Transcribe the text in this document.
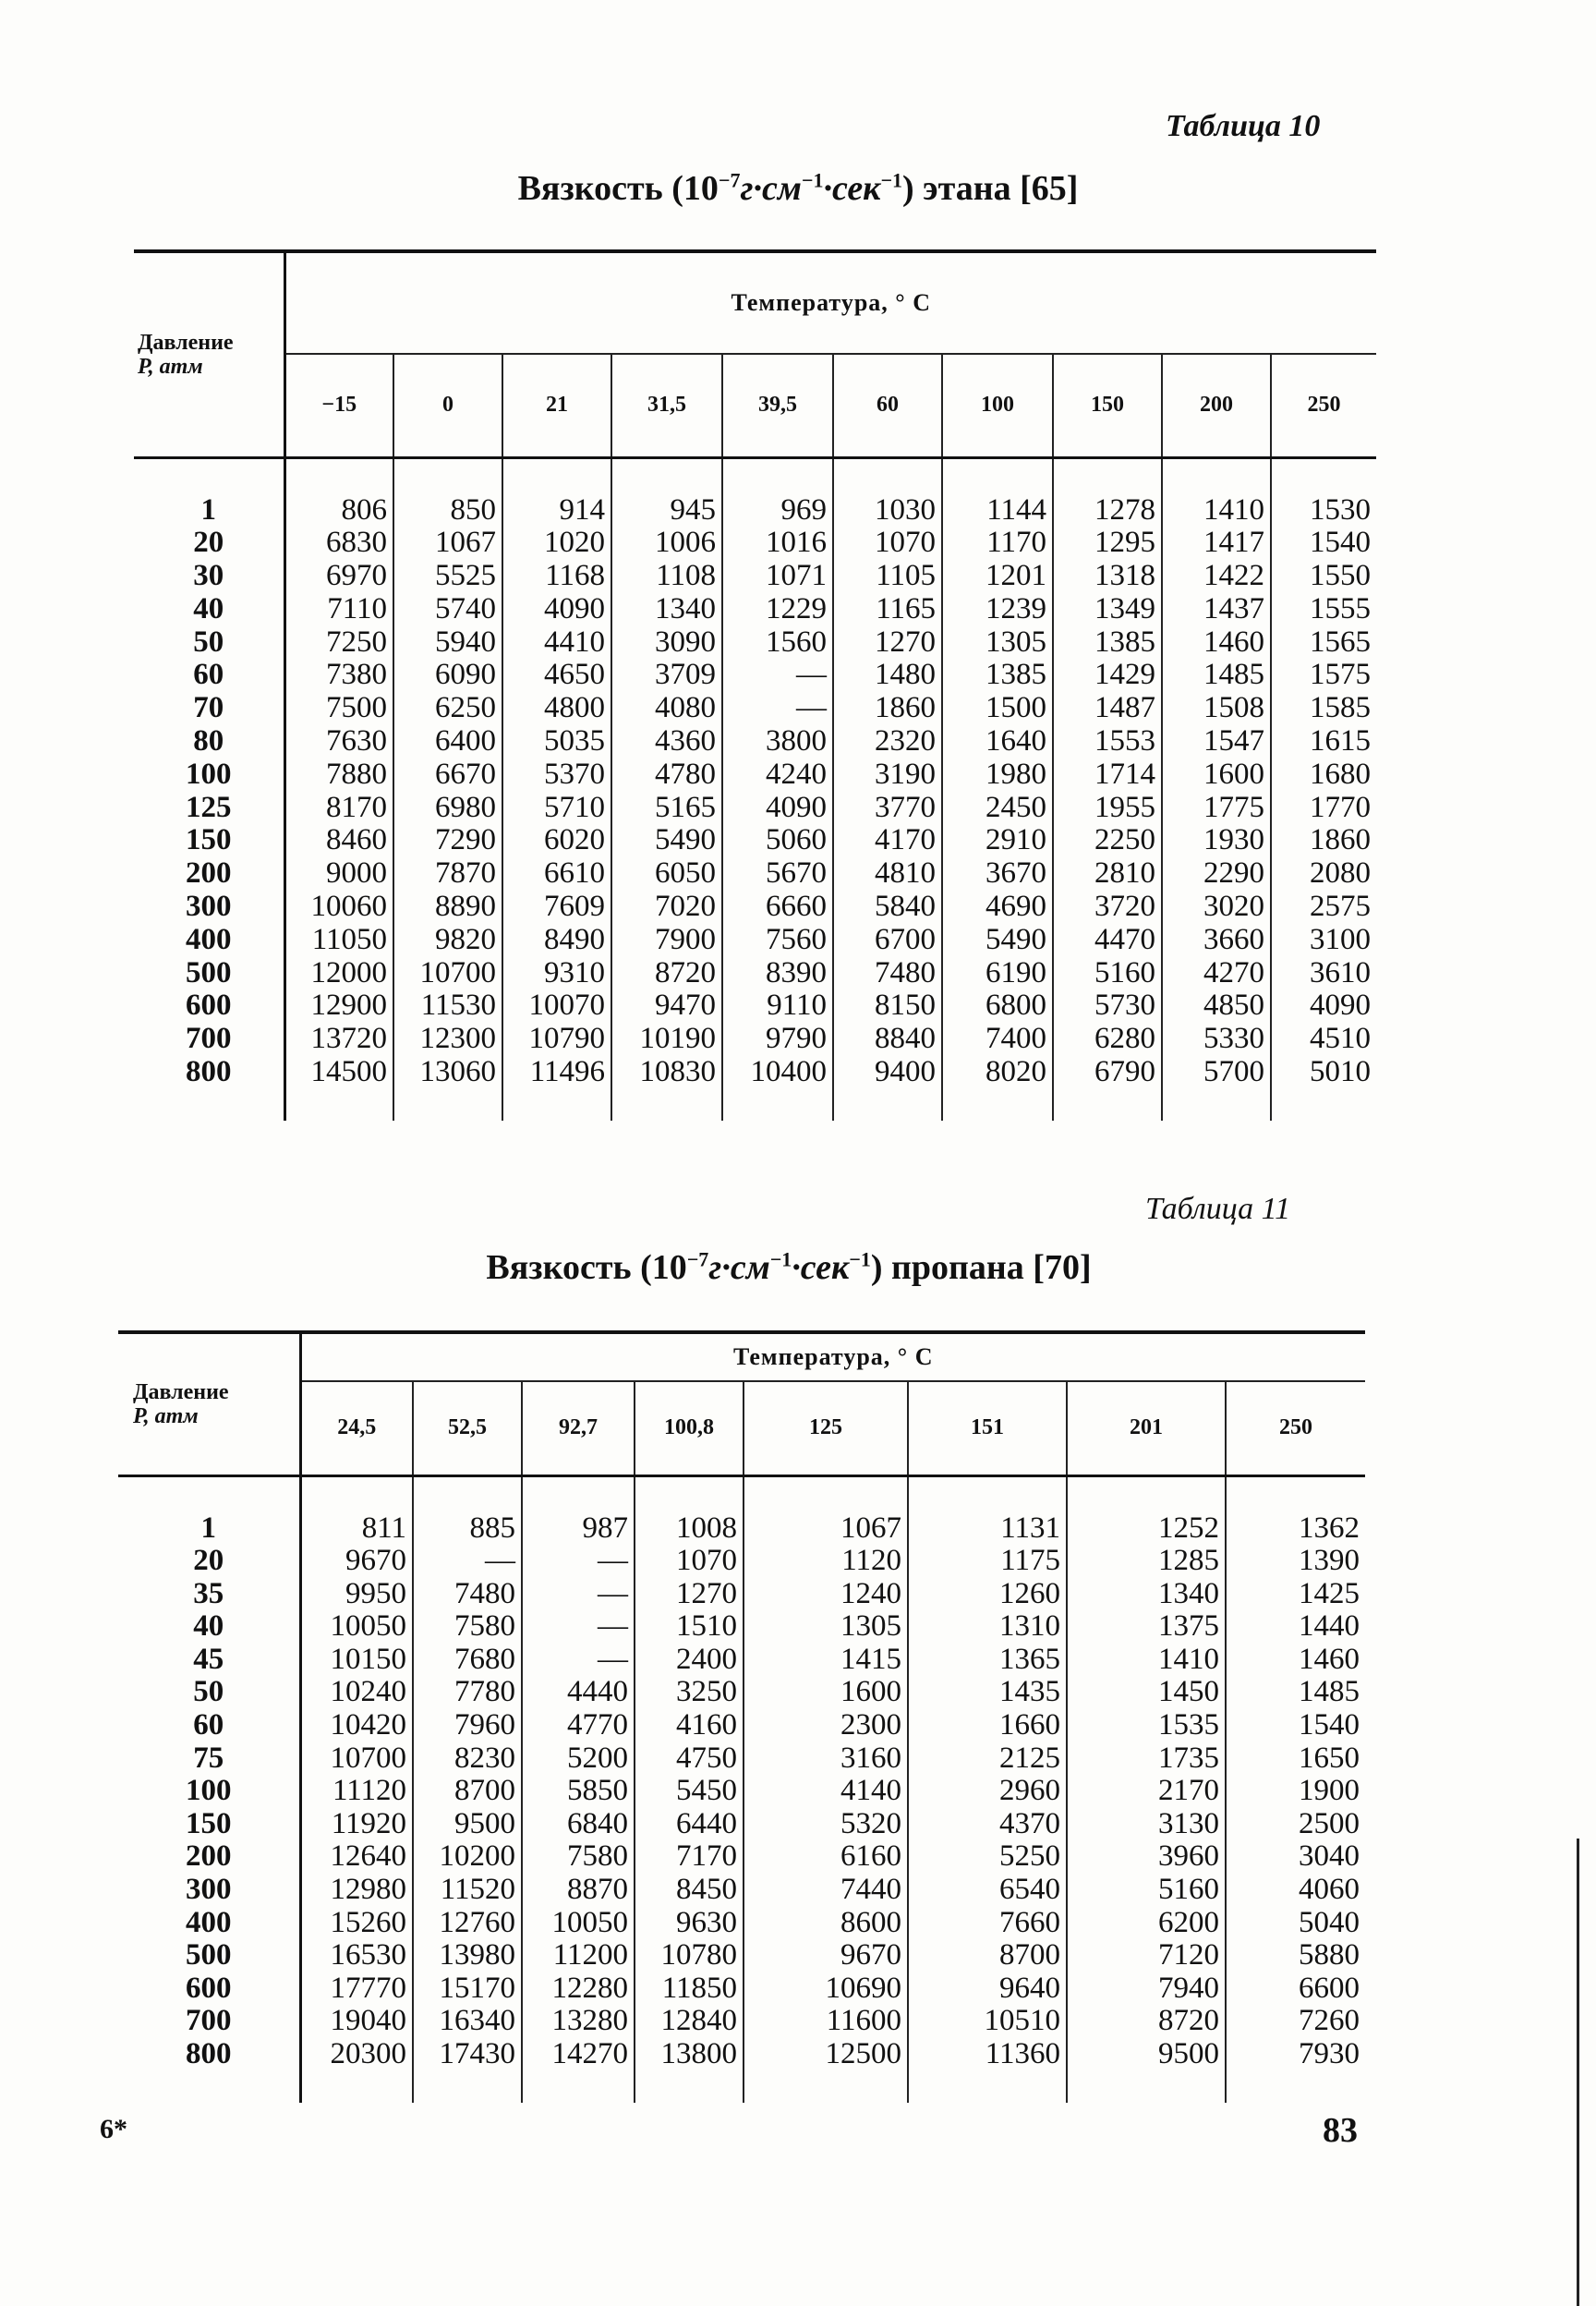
Таблица 10
Вязкость $(10^{-7}г\cdot см^{-1}\cdot сек^{-1})$ этана [65]
Давление
P, атм	Температура, ° C									
	−15	0	21	31,5	39,5	60	100	150	200	250

1	806	850	914	945	969	1030	1144	1278	1410	1530
20	6830	1067	1020	1006	1016	1070	1170	1295	1417	1540
30	6970	5525	1168	1108	1071	1105	1201	1318	1422	1550
40	7110	5740	4090	1340	1229	1165	1239	1349	1437	1555
50	7250	5940	4410	3090	1560	1270	1305	1385	1460	1565
60	7380	6090	4650	3709	—	1480	1385	1429	1485	1575
70	7500	6250	4800	4080	—	1860	1500	1487	1508	1585
80	7630	6400	5035	4360	3800	2320	1640	1553	1547	1615
100	7880	6670	5370	4780	4240	3190	1980	1714	1600	1680
125	8170	6980	5710	5165	4090	3770	2450	1955	1775	1770
150	8460	7290	6020	5490	5060	4170	2910	2250	1930	1860
200	9000	7870	6610	6050	5670	4810	3670	2810	2290	2080
300	10060	8890	7609	7020	6660	5840	4690	3720	3020	2575
400	11050	9820	8490	7900	7560	6700	5490	4470	3660	3100
500	12000	10700	9310	8720	8390	7480	6190	5160	4270	3610
600	12900	11530	10070	9470	9110	8150	6800	5730	4850	4090
700	13720	12300	10790	10190	9790	8840	7400	6280	5330	4510
800	14500	13060	11496	10830	10400	9400	8020	6790	5700	5010

Таблица 11
Вязкость $(10^{-7}г\cdot см^{-1}\cdot сек^{-1})$ пропана [70]
Давление
P, атм	Температура, ° C							
	24,5	52,5	92,7	100,8	125	151	201	250

1	811	885	987	1008	1067	1131	1252	1362
20	9670	—	—	1070	1120	1175	1285	1390
35	9950	7480	—	1270	1240	1260	1340	1425
40	10050	7580	—	1510	1305	1310	1375	1440
45	10150	7680	—	2400	1415	1365	1410	1460
50	10240	7780	4440	3250	1600	1435	1450	1485
60	10420	7960	4770	4160	2300	1660	1535	1540
75	10700	8230	5200	4750	3160	2125	1735	1650
100	11120	8700	5850	5450	4140	2960	2170	1900
150	11920	9500	6840	6440	5320	4370	3130	2500
200	12640	10200	7580	7170	6160	5250	3960	3040
300	12980	11520	8870	8450	7440	6540	5160	4060
400	15260	12760	10050	9630	8600	7660	6200	5040
500	16530	13980	11200	10780	9670	8700	7120	5880
600	17770	15170	12280	11850	10690	9640	7940	6600
700	19040	16340	13280	12840	11600	10510	8720	7260
800	20300	17430	14270	13800	12500	11360	9500	7930

6*	83
